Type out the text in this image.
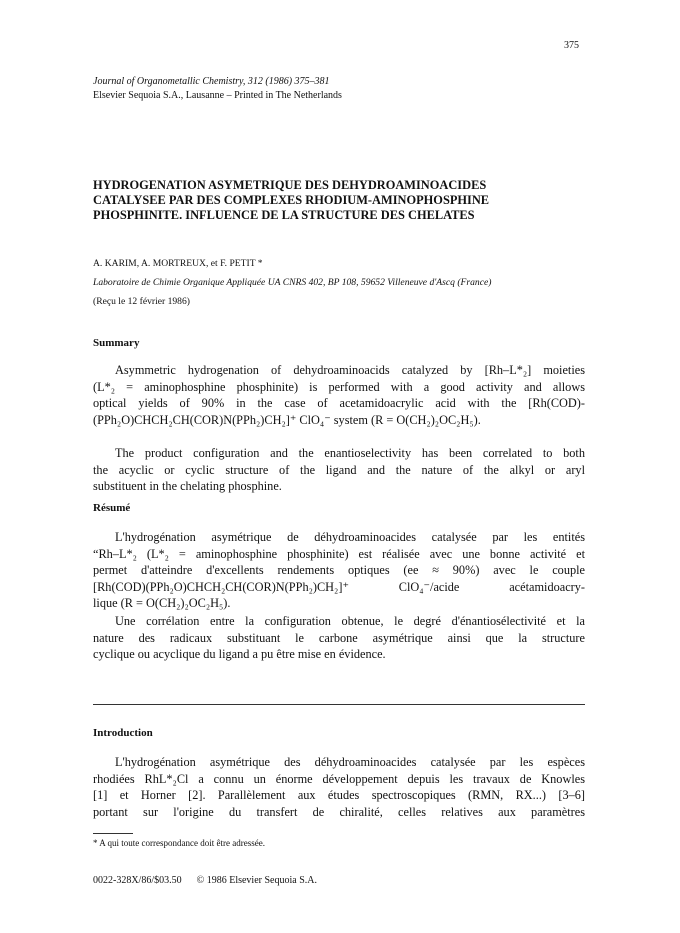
375
Journal of Organometallic Chemistry, 312 (1986) 375–381
Elsevier Sequoia S.A., Lausanne – Printed in The Netherlands
HYDROGENATION ASYMETRIQUE DES DEHYDROAMINOACIDES
CATALYSEE PAR DES COMPLEXES RHODIUM-AMINOPHOSPHINE
PHOSPHINITE. INFLUENCE DE LA STRUCTURE DES CHELATES
A. KARIM, A. MORTREUX, et F. PETIT *
Laboratoire de Chimie Organique Appliquée UA CNRS 402, BP 108, 59652 Villeneuve d'Ascq (France)
(Reçu le 12 février 1986)
Summary
Asymmetric hydrogenation of dehydroaminoacids catalyzed by [Rh–L*₂] moieties
(L*₂ = aminophosphine phosphinite) is performed with a good activity and allows
optical yields of 90% in the case of acetamidoacrylic acid with the [Rh(COD)-
(PPh₂O)CHCH₂CH(COR)N(PPh₂)CH₂]⁺ ClO₄⁻ system (R = O(CH₂)₂OC₂H₅).
The product configuration and the enantioselectivity has been correlated to both
the acyclic or cyclic structure of the ligand and the nature of the alkyl or aryl
substituent in the chelating phosphine.
Résumé
L'hydrogénation asymétrique de déhydroaminoacides catalysée par les entités
“Rh–L*₂ (L*₂ = aminophosphine phosphinite) est réalisée avec une bonne activité et
permet d'atteindre d'excellents rendements optiques (ee ≈ 90%) avec le couple
[Rh(COD)(PPh₂O)CHCH₂CH(COR)N(PPh₂)CH₂]⁺ ClO₄⁻/acide acétamidoacry-
lique (R = O(CH₂)₂OC₂H₅).
Une corrélation entre la configuration obtenue, le degré d'énantiosélectivité et la
nature des radicaux substituant le carbone asymétrique ainsi que la structure
cyclique ou acyclique du ligand a pu être mise en évidence.
Introduction
L'hydrogénation asymétrique des déhydroaminoacides catalysée par les espèces
rhodiées RhL*₂Cl a connu un énorme développement depuis les travaux de Knowles
[1] et Horner [2]. Parallèlement aux études spectroscopiques (RMN, RX...) [3–6]
portant sur l'origine du transfert de chiralité, celles relatives aux paramètres
* A qui toute correspondance doit être adressée.
0022-328X/86/$03.50 © 1986 Elsevier Sequoia S.A.
